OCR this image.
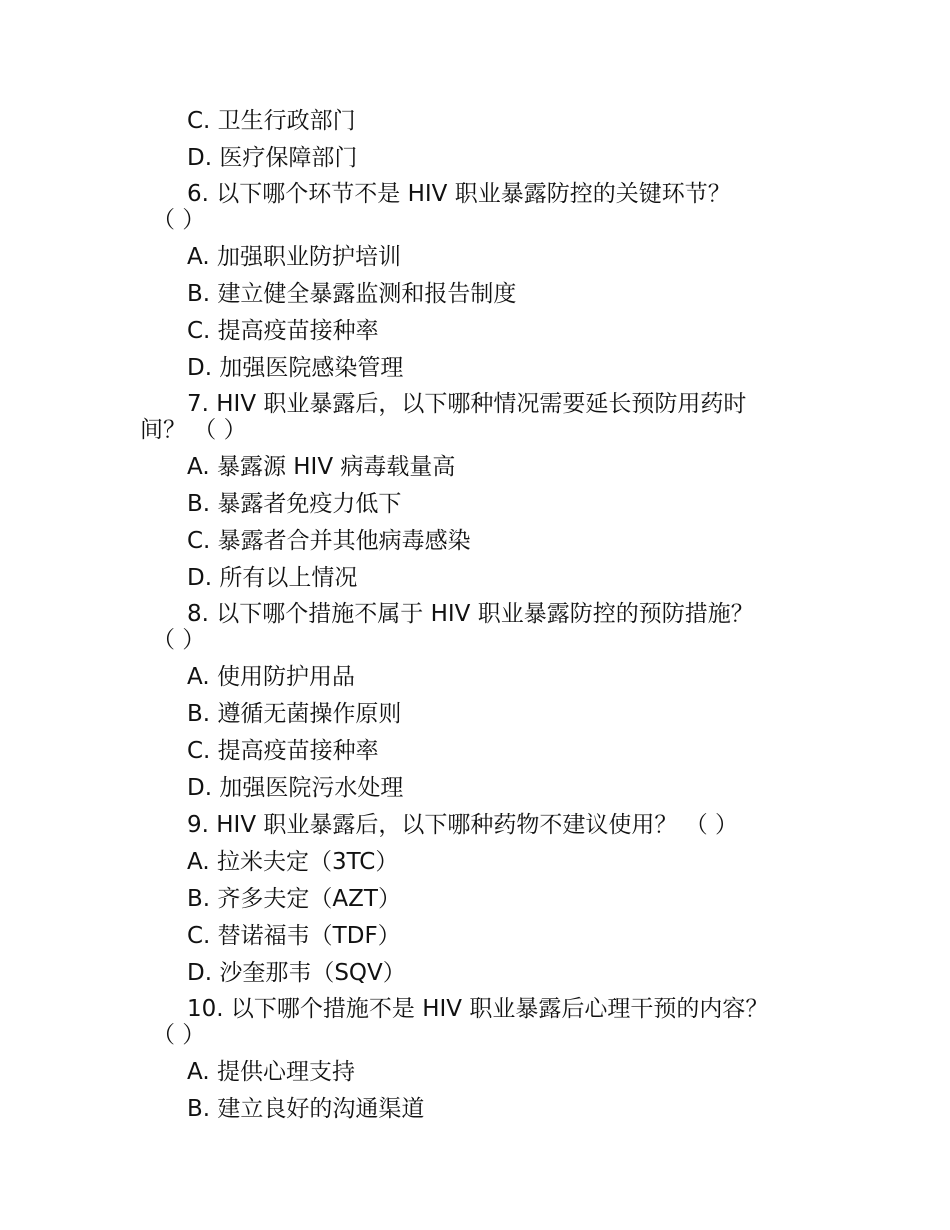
C. 卫生行政部门
D. 医疗保障部门
6. 以下哪个环节不是 HIV 职业暴露防控的关键环节？
（ ）
A. 加强职业防护培训
B. 建立健全暴露监测和报告制度
C. 提高疫苗接种率
D. 加强医院感染管理
7. HIV 职业暴露后，以下哪种情况需要延长预防用药时
间？ （ ）
A. 暴露源 HIV 病毒载量高
B. 暴露者免疫力低下
C. 暴露者合并其他病毒感染
D. 所有以上情况
8. 以下哪个措施不属于 HIV 职业暴露防控的预防措施？
（ ）
A. 使用防护用品
B. 遵循无菌操作原则
C. 提高疫苗接种率
D. 加强医院污水处理
9. HIV 职业暴露后，以下哪种药物不建议使用？ （ ）
A. 拉米夫定（3TC）
B. 齐多夫定（AZT）
C. 替诺福韦（TDF）
D. 沙奎那韦（SQV）
10. 以下哪个措施不是 HIV 职业暴露后心理干预的内容？
（ ）
A. 提供心理支持
B. 建立良好的沟通渠道
